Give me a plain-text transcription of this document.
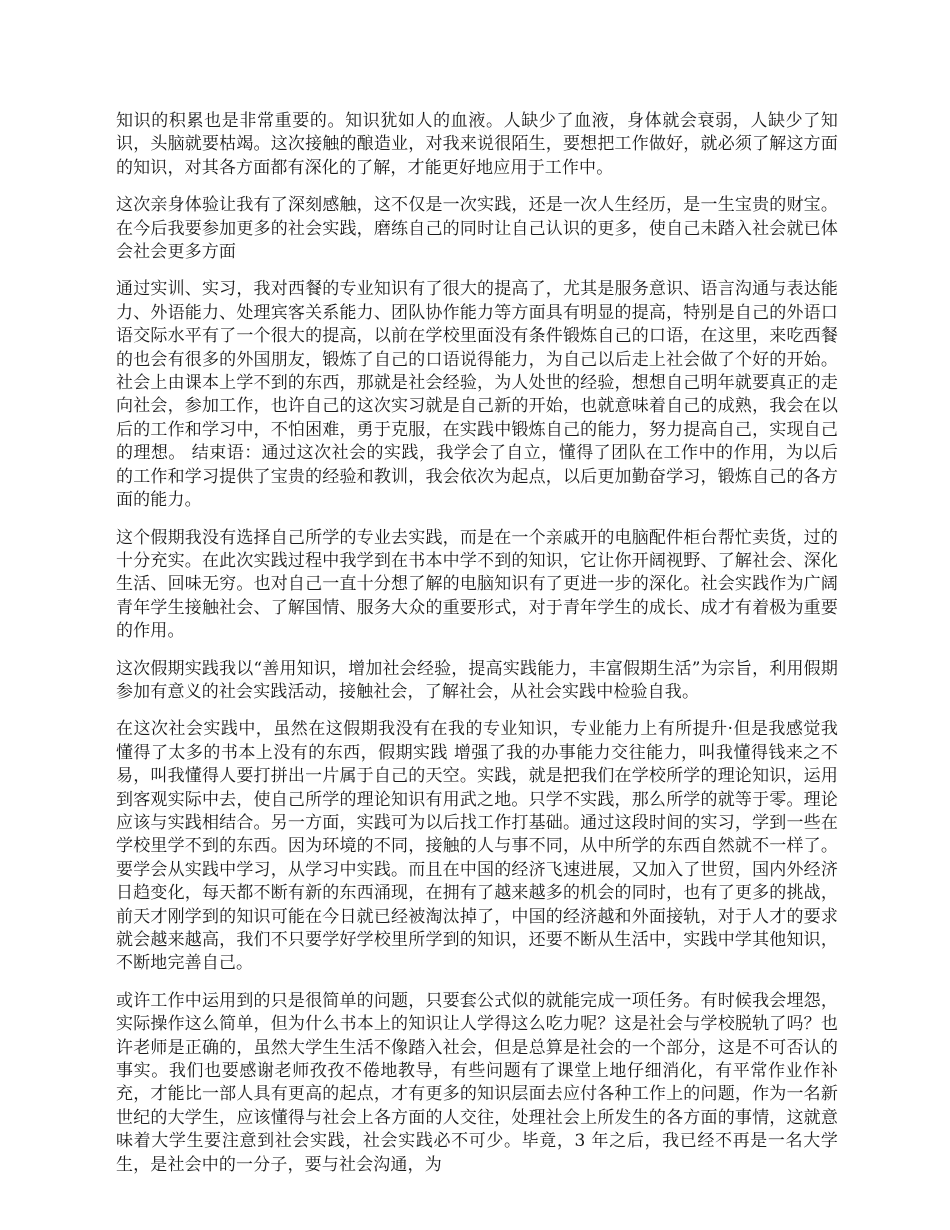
知识的积累也是非常重要的。知识犹如人的血液。人缺少了血液，身体就会衰弱，人缺少了知识，头脑就要枯竭。这次接触的酿造业，对我来说很陌生，要想把工作做好，就必须了解这方面的知识，对其各方面都有深化的了解，才能更好地应用于工作中。

这次亲身体验让我有了深刻感触，这不仅是一次实践，还是一次人生经历，是一生宝贵的财宝。在今后我要参加更多的社会实践，磨练自己的同时让自己认识的更多，使自己未踏入社会就已体会社会更多方面

通过实训、实习，我对西餐的专业知识有了很大的提高了，尤其是服务意识、语言沟通与表达能力、外语能力、处理宾客关系能力、团队协作能力等方面具有明显的提高，特别是自己的外语口语交际水平有了一个很大的提高，以前在学校里面没有条件锻炼自己的口语，在这里，来吃西餐的也会有很多的外国朋友，锻炼了自己的口语说得能力，为自己以后走上社会做了个好的开始。社会上由课本上学不到的东西，那就是社会经验，为人处世的经验，想想自己明年就要真正的走向社会，参加工作，也许自己的这次实习就是自己新的开始，也就意味着自己的成熟，我会在以后的工作和学习中，不怕困难，勇于克服，在实践中锻炼自己的能力，努力提高自己，实现自己的理想。 结束语：通过这次社会的实践，我学会了自立，懂得了团队在工作中的作用，为以后的工作和学习提供了宝贵的经验和教训，我会依次为起点，以后更加勤奋学习，锻炼自己的各方面的能力。

这个假期我没有选择自己所学的专业去实践，而是在一个亲戚开的电脑配件柜台帮忙卖货，过的十分充实。在此次实践过程中我学到在书本中学不到的知识，它让你开阔视野、了解社会、深化生活、回味无穷。也对自己一直十分想了解的电脑知识有了更进一步的深化。社会实践作为广阔青年学生接触社会、了解国情、服务大众的重要形式，对于青年学生的成长、成才有着极为重要的作用。

这次假期实践我以“善用知识，增加社会经验，提高实践能力，丰富假期生活”为宗旨，利用假期参加有意义的社会实践活动，接触社会，了解社会，从社会实践中检验自我。

在这次社会实践中，虽然在这假期我没有在我的专业知识，专业能力上有所提升·但是我感觉我懂得了太多的书本上没有的东西，假期实践 增强了我的办事能力交往能力，叫我懂得钱来之不易，叫我懂得人要打拼出一片属于自己的天空。实践，就是把我们在学校所学的理论知识，运用到客观实际中去，使自己所学的理论知识有用武之地。只学不实践，那么所学的就等于零。理论应该与实践相结合。另一方面，实践可为以后找工作打基础。通过这段时间的实习，学到一些在学校里学不到的东西。因为环境的不同，接触的人与事不同，从中所学的东西自然就不一样了。要学会从实践中学习，从学习中实践。而且在中国的经济飞速进展，又加入了世贸，国内外经济日趋变化，每天都不断有新的东西涌现，在拥有了越来越多的机会的同时，也有了更多的挑战，前天才刚学到的知识可能在今日就已经被淘汰掉了，中国的经济越和外面接轨，对于人才的要求就会越来越高，我们不只要学好学校里所学到的知识，还要不断从生活中，实践中学其他知识，不断地完善自己。

或许工作中运用到的只是很简单的问题，只要套公式似的就能完成一项任务。有时候我会埋怨，实际操作这么简单，但为什么书本上的知识让人学得这么吃力呢？这是社会与学校脱轨了吗？也许老师是正确的，虽然大学生生活不像踏入社会，但是总算是社会的一个部分，这是不可否认的事实。我们也要感谢老师孜孜不倦地教导，有些问题有了课堂上地仔细消化，有平常作业作补充，才能比一部人具有更高的起点，才有更多的知识层面去应付各种工作上的问题，作为一名新世纪的大学生，应该懂得与社会上各方面的人交往，处理社会上所发生的各方面的事情，这就意味着大学生要注意到社会实践，社会实践必不可少。毕竟，3 年之后，我已经不再是一名大学生，是社会中的一分子，要与社会沟通，为
